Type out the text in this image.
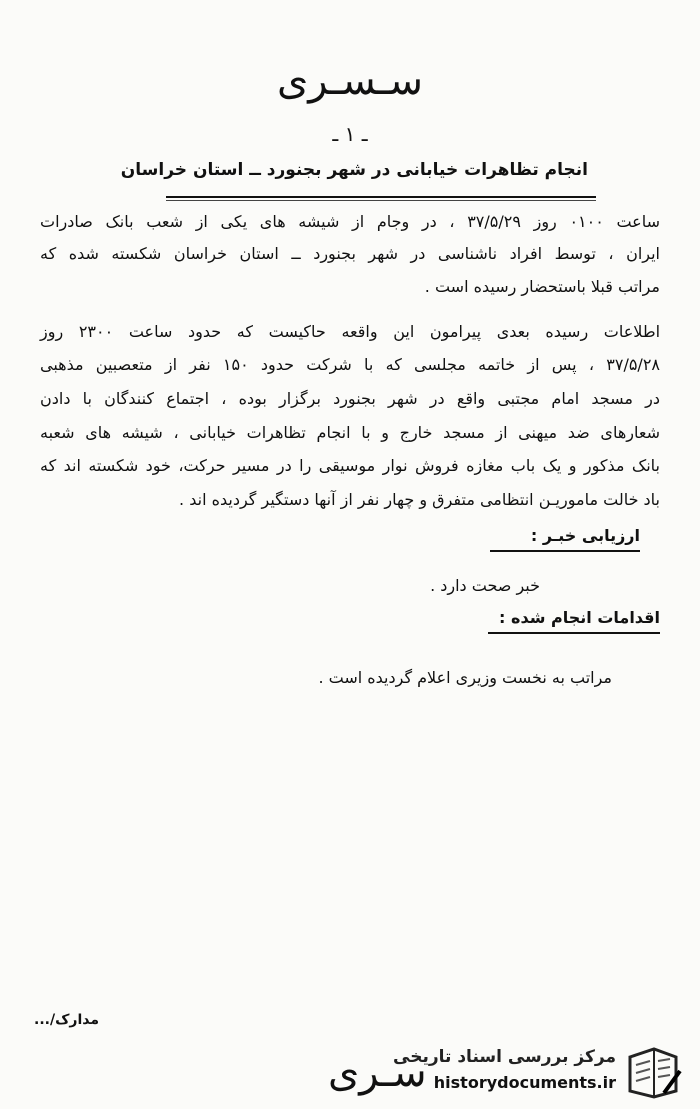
سـسـری
ـ ۱ ـ
انجام تظاهرات خیابانی در شهر بجنورد ــ استان خراسان
ساعت ۰۱۰۰ روز ۳۷/۵/۲۹ ، در وجام از شیشه های یکی از شعب بانک صادرات
ایران ، توسط افراد ناشناسی در شهر بجنورد ــ استان خراسان شکسته شده که
مراتب قبلا باستحضار رسیده است .
اطلاعات رسیده بعدی پیرامون این واقعه حاکیست که حدود ساعت ۲۳۰۰ روز
۳۷/۵/۲۸ ، پس از خاتمه مجلسی که با شرکت حدود ۱۵۰ نفر از متعصبین مذهبی
در مسجد امام مجتبی واقع در شهر بجنورد برگزار بوده ، اجتماع کنندگان با دادن
شعارهای ضد میهنی از مسجد خارج و با انجام تظاهرات خیابانی ، شیشه های شعبه
بانک مذکور و یک باب مغازه فروش نوار موسیقی را در مسیر حرکت، خود شکسته اند که
باد خالت ماموریـن انتظامی متفرق و چهار نفر از آنها دستگیر گردیده اند .
ارزیابی خبـر :
خبر صحت دارد .
اقدامات انجام شده :
مراتب به نخست وزیری اعلام گردیده است .
مدارک/...
سـری
مرکز بررسی اسناد تاریخی
historydocuments.ir
